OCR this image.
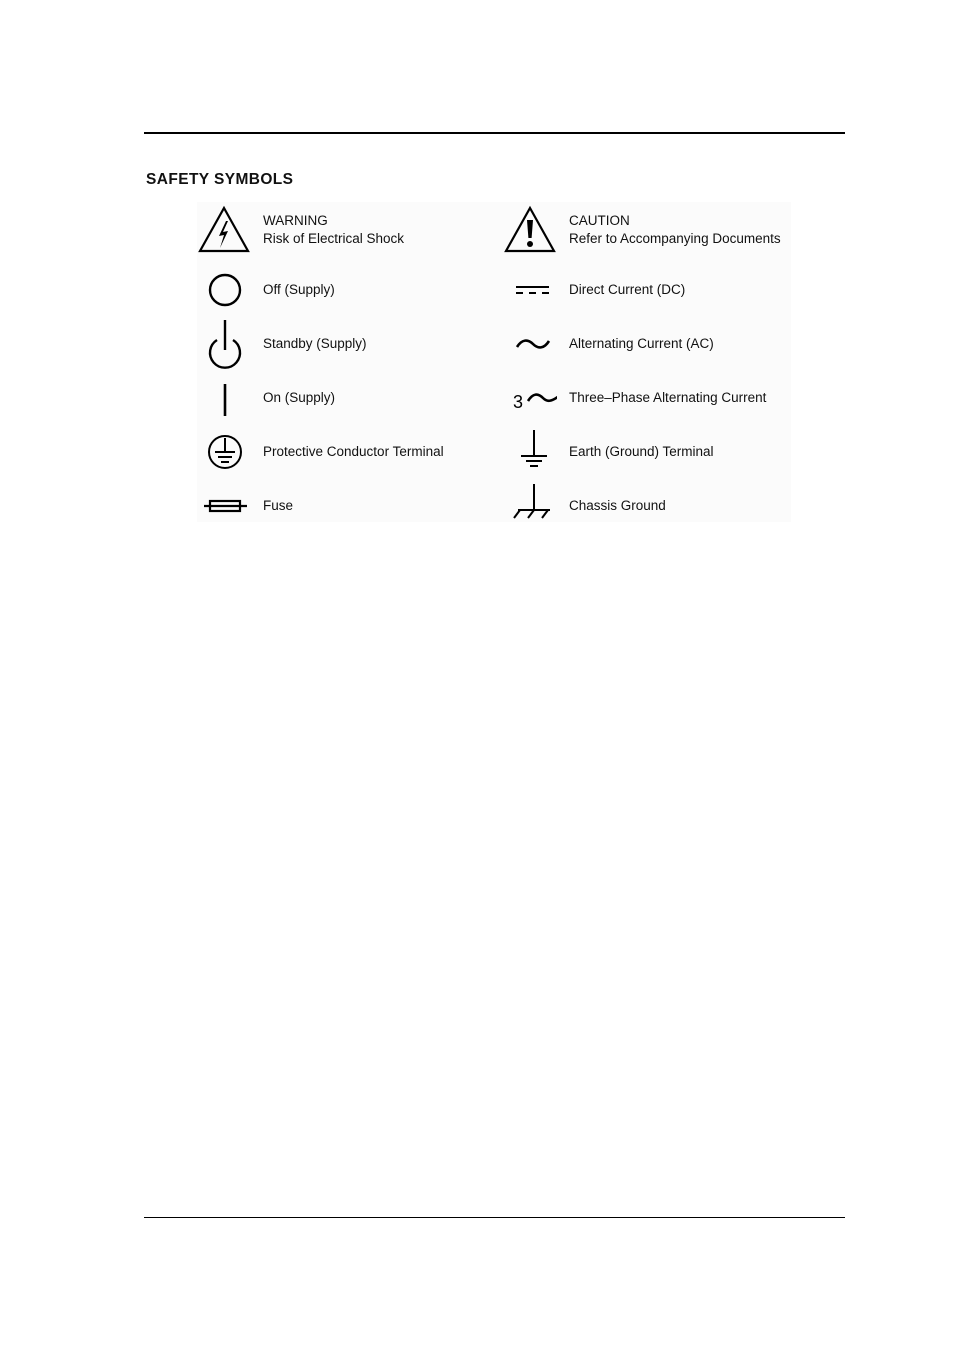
SAFETY SYMBOLS
WARNING
Risk of Electrical Shock
Off (Supply)
Standby (Supply)
On (Supply)
Protective Conductor Terminal
Fuse
CAUTION
Refer to Accompanying Documents
Direct Current (DC)
Alternating Current (AC)
3	Three–Phase Alternating Current
Earth (Ground) Terminal
Chassis Ground
